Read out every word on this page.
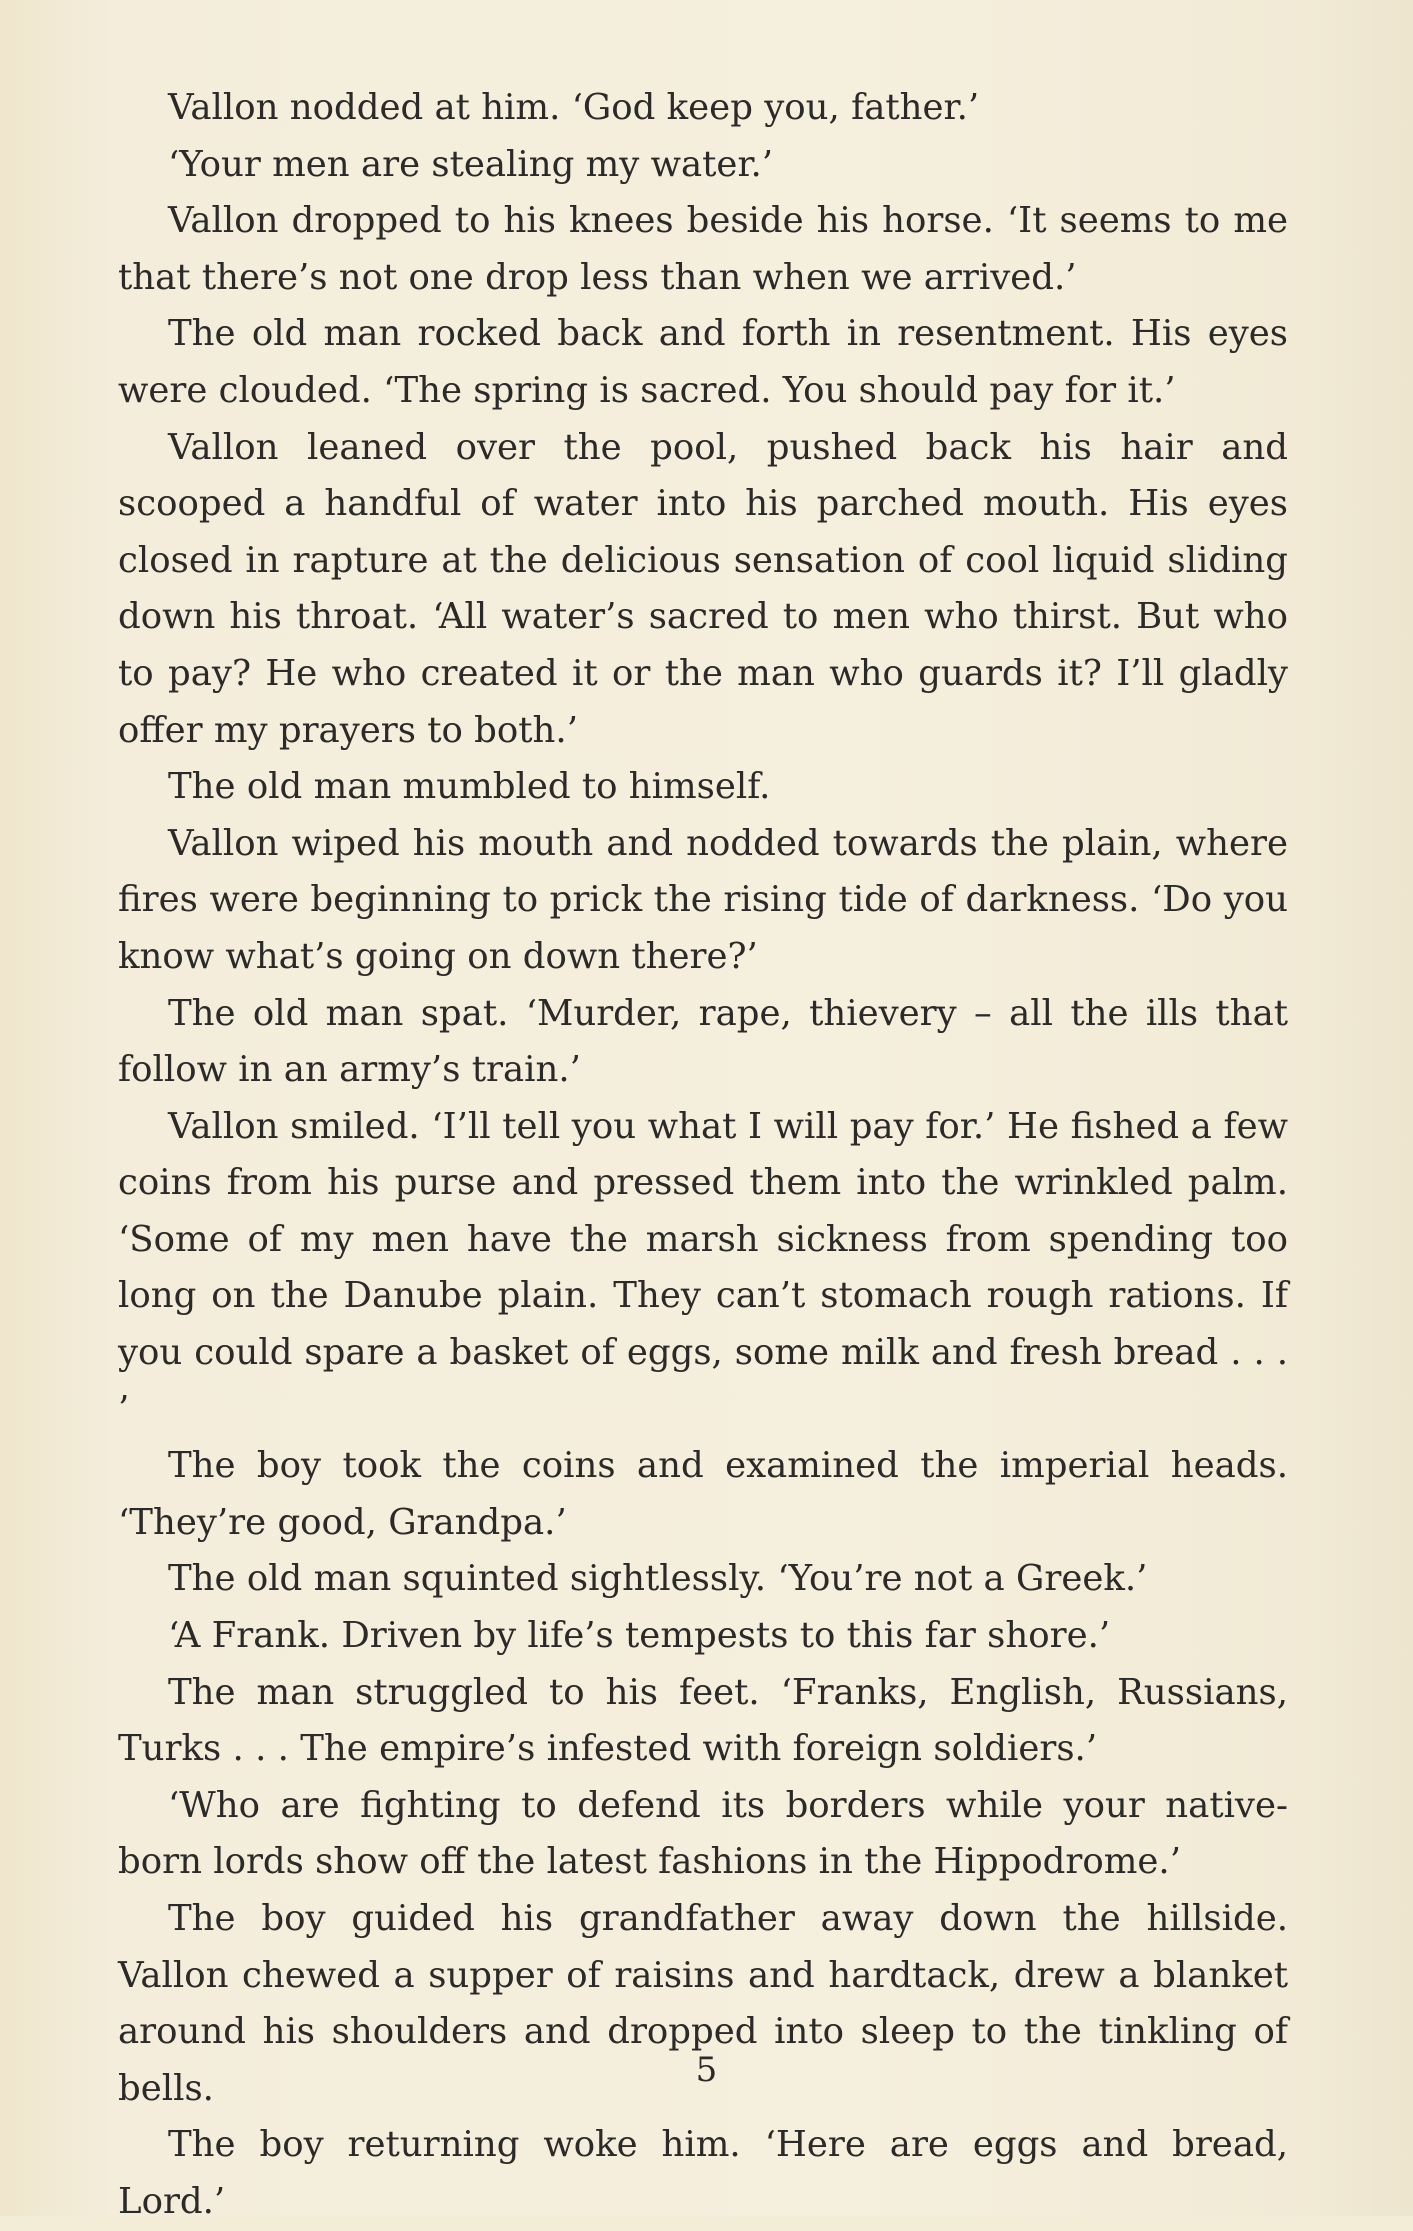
Vallon nodded at him. ‘God keep you, father.’

‘Your men are stealing my water.’

Vallon dropped to his knees beside his horse. ‘It seems to me that there’s not one drop less than when we arrived.’

The old man rocked back and forth in resentment. His eyes were clouded. ‘The spring is sacred. You should pay for it.’

Vallon leaned over the pool, pushed back his hair and scooped a handful of water into his parched mouth. His eyes closed in rapture at the delicious sensation of cool liquid sliding down his throat. ‘All water’s sacred to men who thirst. But who to pay? He who created it or the man who guards it? I’ll gladly offer my prayers to both.’

The old man mumbled to himself.

Vallon wiped his mouth and nodded towards the plain, where fires were beginning to prick the rising tide of darkness. ‘Do you know what’s going on down there?’

The old man spat. ‘Murder, rape, thievery – all the ills that follow in an army’s train.’

Vallon smiled. ‘I’ll tell you what I will pay for.’ He fished a few coins from his purse and pressed them into the wrinkled palm. ‘Some of my men have the marsh sickness from spending too long on the Danube plain. They can’t stomach rough rations. If you could spare a basket of eggs, some milk and fresh bread . . . ’

The boy took the coins and examined the imperial heads. ‘They’re good, Grandpa.’

The old man squinted sightlessly. ‘You’re not a Greek.’

‘A Frank. Driven by life’s tempests to this far shore.’

The man struggled to his feet. ‘Franks, English, Russians, Turks . . . The empire’s infested with foreign soldiers.’

‘Who are fighting to defend its borders while your native-born lords show off the latest fashions in the Hippodrome.’

The boy guided his grandfather away down the hillside. Vallon chewed a supper of raisins and hardtack, drew a blanket around his shoulders and dropped into sleep to the tinkling of bells.

The boy returning woke him. ‘Here are eggs and bread, Lord.’

5
